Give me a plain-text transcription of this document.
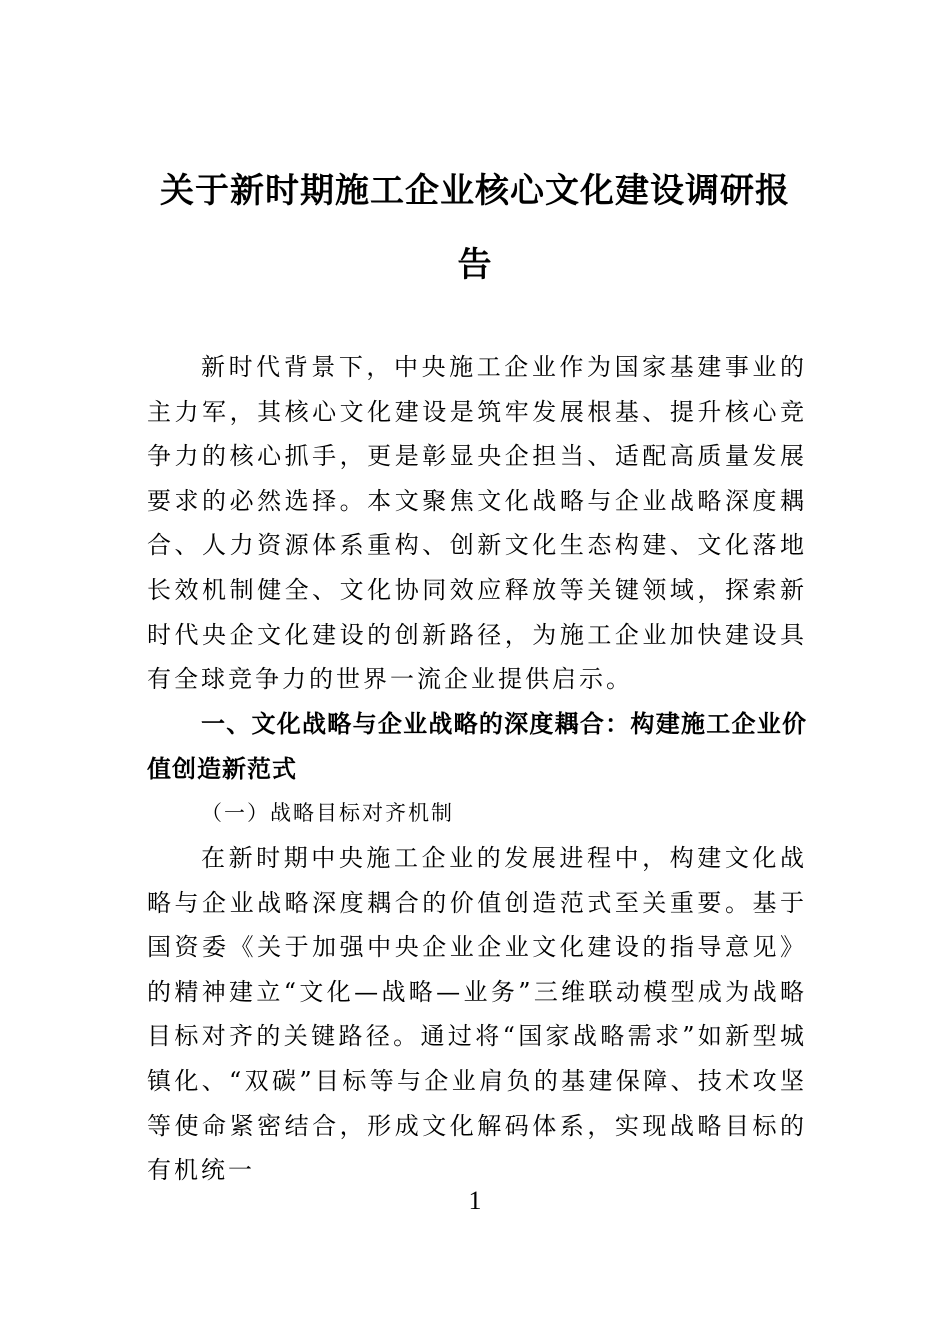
关于新时期施工企业核心文化建设调研报
告

新时代背景下，中央施工企业作为国家基建事业的主力军，其核心文化建设是筑牢发展根基、提升核心竞争力的核心抓手，更是彰显央企担当、适配高质量发展要求的必然选择。本文聚焦文化战略与企业战略深度耦合、人力资源体系重构、创新文化生态构建、文化落地长效机制健全、文化协同效应释放等关键领域，探索新时代央企文化建设的创新路径，为施工企业加快建设具有全球竞争力的世界一流企业提供启示。

一、文化战略与企业战略的深度耦合：构建施工企业价值创造新范式

（一）战略目标对齐机制

在新时期中央施工企业的发展进程中，构建文化战略与企业战略深度耦合的价值创造范式至关重要。基于国资委《关于加强中央企业企业文化建设的指导意见》的精神建立“文化—战略—业务”三维联动模型成为战略目标对齐的关键路径。通过将“国家战略需求”如新型城镇化、“双碳”目标等与企业肩负的基建保障、技术攻坚等使命紧密结合，形成文化解码体系，实现战略目标的有机统一

1
